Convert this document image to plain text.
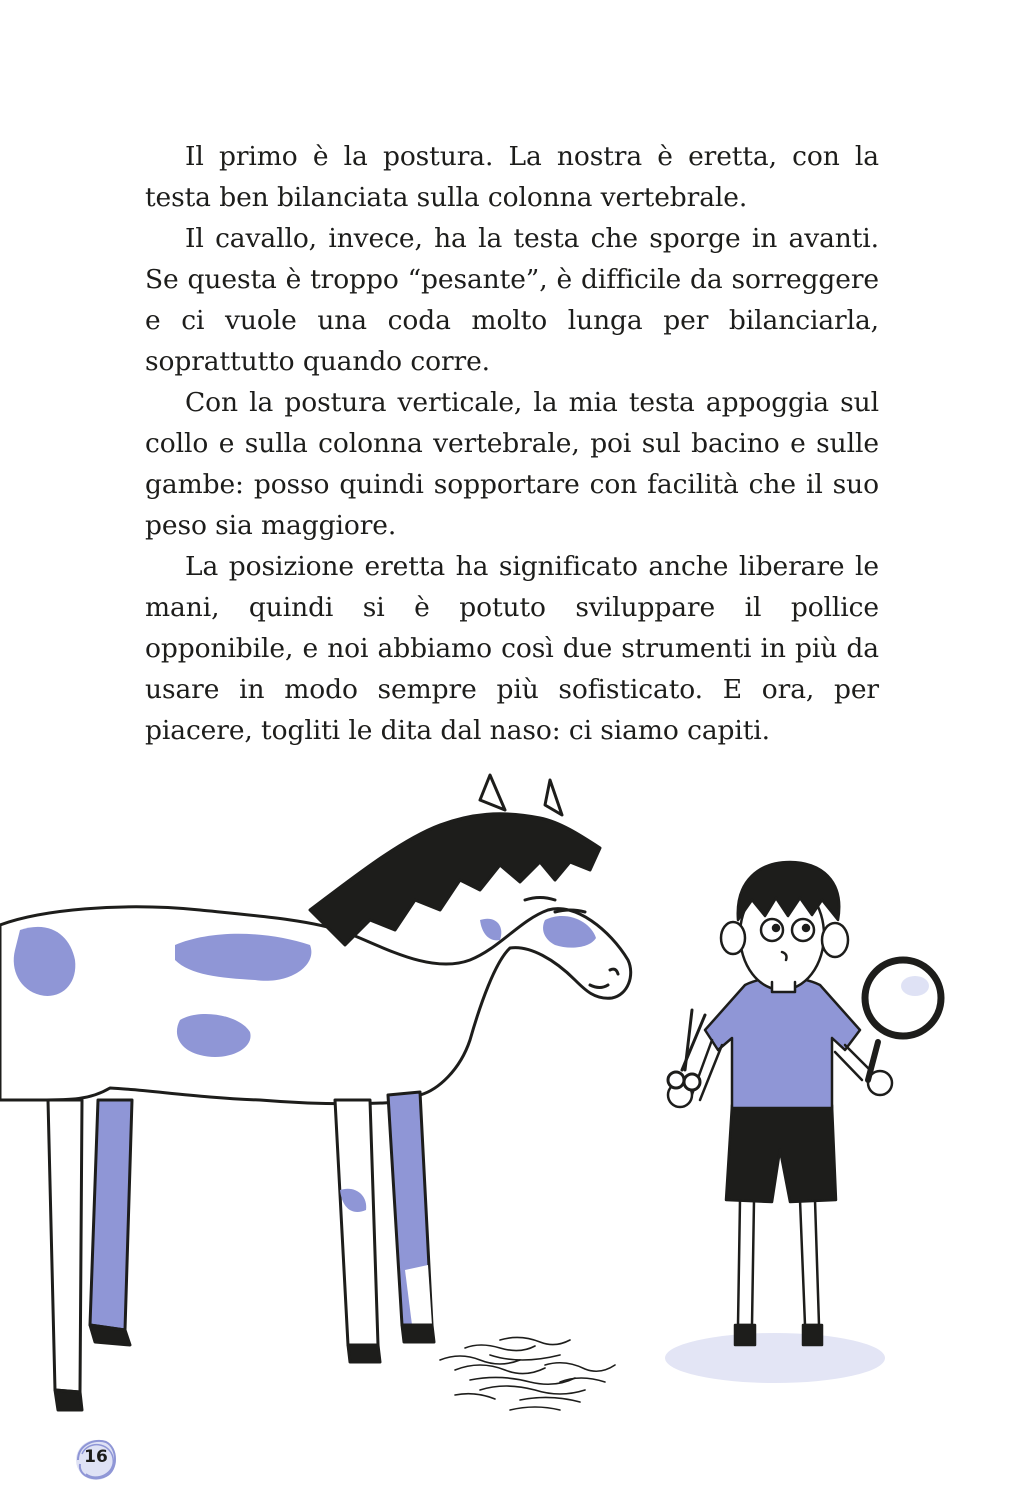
Il primo è la postura. La nostra è eretta, con la testa ben bilanciata sulla colonna vertebrale.

Il cavallo, invece, ha la testa che sporge in avanti. Se questa è troppo “pesante”, è difficile da sorreggere e ci vuole una coda molto lunga per bilanciarla, soprattutto quando corre.

Con la postura verticale, la mia testa appoggia sul collo e sulla colonna vertebrale, poi sul bacino e sulle gambe: posso quindi sopportare con facilità che il suo peso sia maggiore.

La posizione eretta ha significato anche liberare le mani, quindi si è potuto sviluppare il pollice opponibile, e noi abbiamo così due strumenti in più da usare in modo sempre più sofisticato. E ora, per piacere, togliti le dita dal naso: ci siamo capiti.

16
